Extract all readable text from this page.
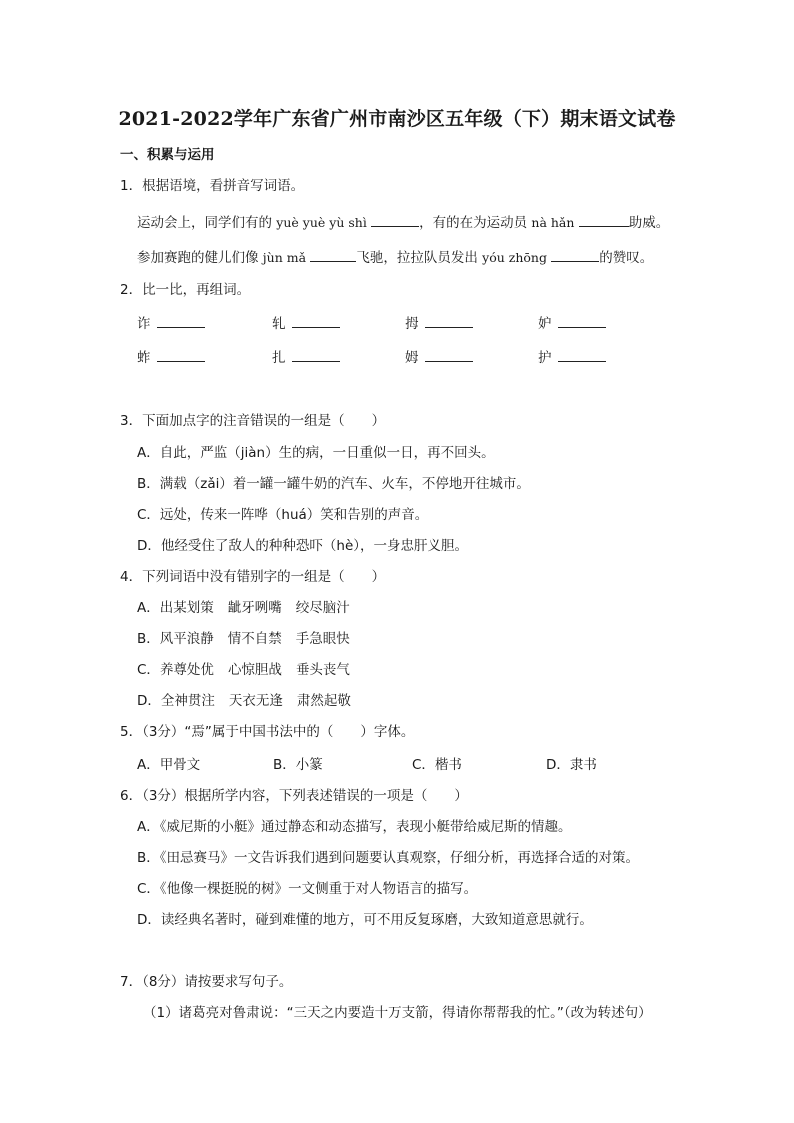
2021-2022学年广东省广州市南沙区五年级（下）期末语文试卷
一、积累与运用
1．根据语境，看拼音写词语。
运动会上，同学们有的 yuè yuè yù shì	，有的在为运动员 nà hǎn	助威。
参加赛跑的健儿们像 jùn mǎ	飞驰，拉拉队员发出 yóu zhōng	的赞叹。
2．比一比，再组词。
诈	轧	拇	妒
蚱	扎	姆	护
3．下面加点字的注音错误的一组是（　　）
A．自此，严监（jiàn）生的病，一日重似一日，再不回头。
B．满载（zǎi）着一罐一罐牛奶的汽车、火车，不停地开往城市。
C．远处，传来一阵哗（huá）笑和告别的声音。
D．他经受住了敌人的种种恐吓（hè），一身忠肝义胆。
4．下列词语中没有错别字的一组是（　　）
A．出某划策 龇牙咧嘴 绞尽脑汁
B．风平浪静 情不自禁 手急眼快
C．养尊处优 心惊胆战 垂头丧气
D．全神贯注 天衣无逢 肃然起敬
5．（3分）“焉”属于中国书法中的（　　）字体。
A．甲骨文	B．小篆	C．楷书	D．隶书
6．（3分）根据所学内容，下列表述错误的一项是（　　）
A．《威尼斯的小艇》通过静态和动态描写，表现小艇带给威尼斯的情趣。
B．《田忌赛马》一文告诉我们遇到问题要认真观察，仔细分析，再选择合适的对策。
C．《他像一棵挺脱的树》一文侧重于对人物语言的描写。
D．读经典名著时，碰到难懂的地方，可不用反复琢磨，大致知道意思就行。
7．（8分）请按要求写句子。
（1）诸葛亮对鲁肃说：“三天之内要造十万支箭，得请你帮帮我的忙。”（改为转述句）
